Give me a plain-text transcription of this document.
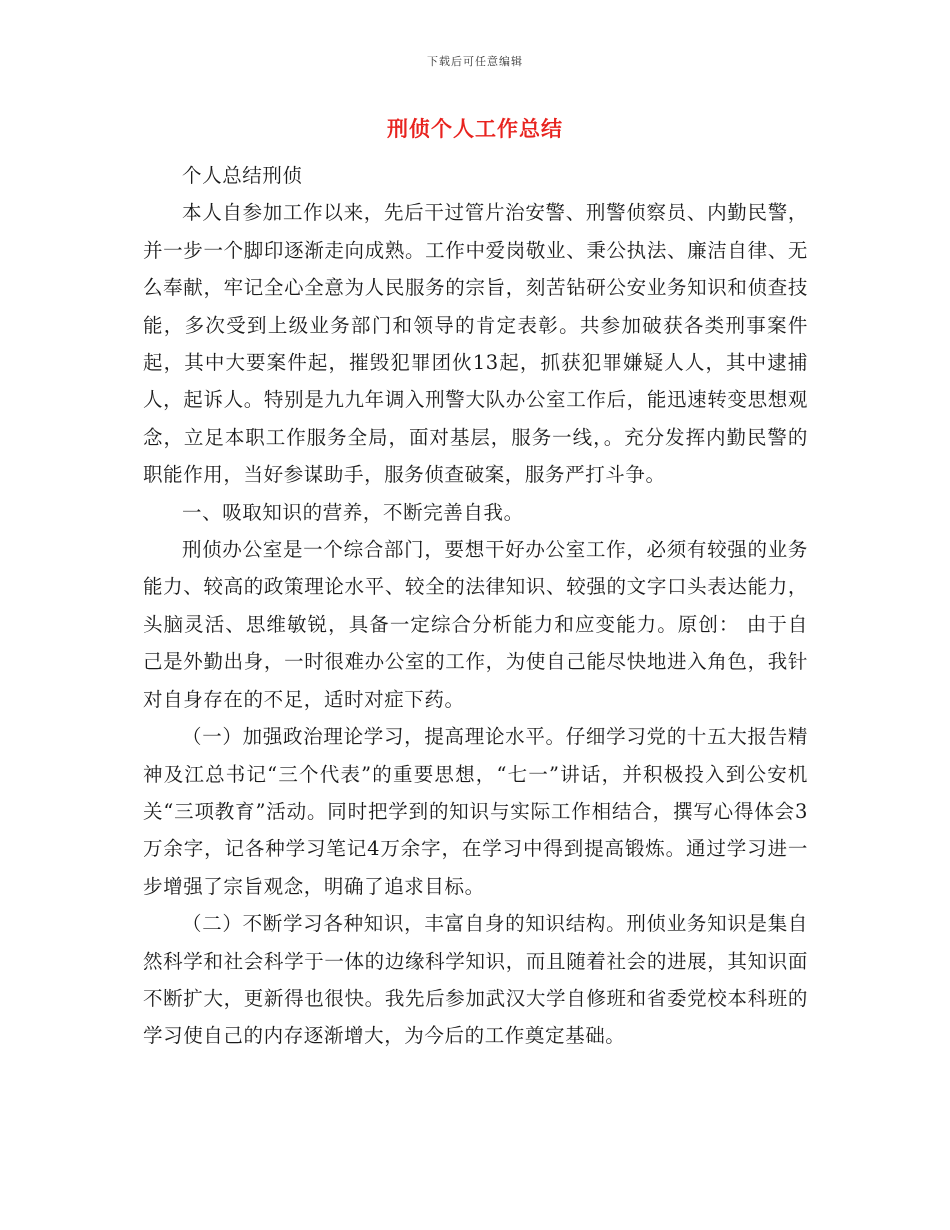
下载后可任意编辑
刑侦个人工作总结

个人总结刑侦

本人自参加工作以来，先后干过管片治安警、刑警侦察员、内勤民警，并一步一个脚印逐渐走向成熟。工作中爱岗敬业、秉公执法、廉洁自律、无么奉献，牢记全心全意为人民服务的宗旨，刻苦钻研公安业务知识和侦查技能，多次受到上级业务部门和领导的肯定表彰。共参加破获各类刑事案件起，其中大要案件起，摧毁犯罪团伙13起，抓获犯罪嫌疑人人，其中逮捕人，起诉人。特别是九九年调入刑警大队办公室工作后，能迅速转变思想观念，立足本职工作服务全局，面对基层，服务一线，。充分发挥内勤民警的职能作用，当好参谋助手，服务侦查破案，服务严打斗争。

一、吸取知识的营养，不断完善自我。

刑侦办公室是一个综合部门，要想干好办公室工作，必须有较强的业务能力、较高的政策理论水平、较全的法律知识、较强的文字口头表达能力，头脑灵活、思维敏锐，具备一定综合分析能力和应变能力。原创： 由于自己是外勤出身，一时很难办公室的工作，为使自己能尽快地进入角色，我针对自身存在的不足，适时对症下药。

（一）加强政治理论学习，提高理论水平。仔细学习党的十五大报告精神及江总书记“三个代表”的重要思想，“七一”讲话，并积极投入到公安机关“三项教育”活动。同时把学到的知识与实际工作相结合，撰写心得体会3万余字，记各种学习笔记4万余字，在学习中得到提高锻炼。通过学习进一步增强了宗旨观念，明确了追求目标。

（二）不断学习各种知识，丰富自身的知识结构。刑侦业务知识是集自然科学和社会科学于一体的边缘科学知识，而且随着社会的进展，其知识面不断扩大，更新得也很快。我先后参加武汉大学自修班和省委党校本科班的学习使自己的内存逐渐增大，为今后的工作奠定基础。
